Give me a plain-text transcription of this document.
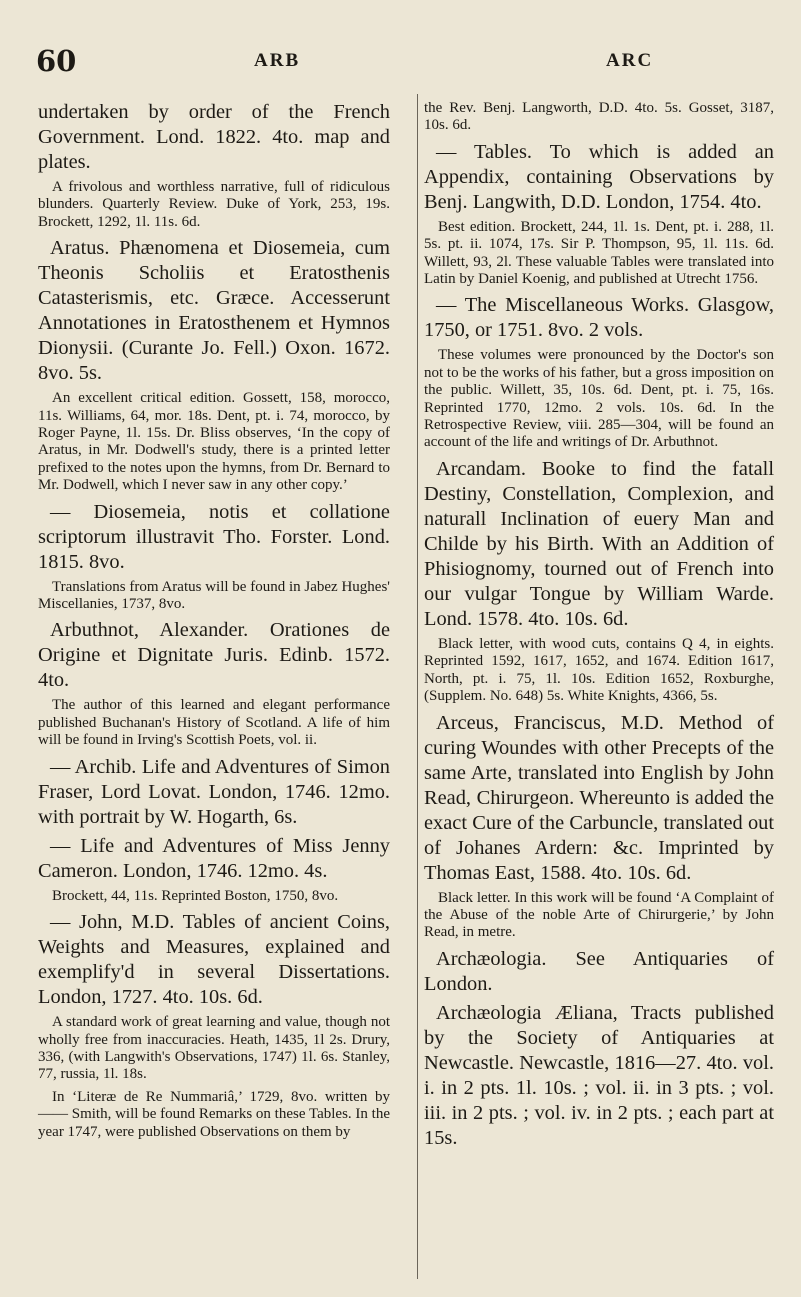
60	ARB	ARC

undertaken by order of the French Government. Lond. 1822. 4to. map and plates.

A frivolous and worthless narrative, full of ridiculous blunders. Quarterly Review. Duke of York, 253, 19s. Brockett, 1292, 1l. 11s. 6d.

Aratus. Phænomena et Diosemeia, cum Theonis Scholiis et Eratosthenis Catasterismis, etc. Græce. Accesserunt Annotationes in Eratosthenem et Hymnos Dionysii. (Curante Jo. Fell.) Oxon. 1672. 8vo. 5s.

An excellent critical edition. Gossett, 158, morocco, 11s. Williams, 64, mor. 18s. Dent, pt. i. 74, morocco, by Roger Payne, 1l. 15s. Dr. Bliss observes, ‘In the copy of Aratus, in Mr. Dodwell's study, there is a printed letter prefixed to the notes upon the hymns, from Dr. Bernard to Mr. Dodwell, which I never saw in any other copy.’

— Diosemeia, notis et collatione scriptorum illustravit Tho. Forster. Lond. 1815. 8vo.

Translations from Aratus will be found in Jabez Hughes' Miscellanies, 1737, 8vo.

Arbuthnot, Alexander. Orationes de Origine et Dignitate Juris. Edinb. 1572. 4to.

The author of this learned and elegant performance published Buchanan's History of Scotland. A life of him will be found in Irving's Scottish Poets, vol. ii.

— Archib. Life and Adventures of Simon Fraser, Lord Lovat. London, 1746. 12mo. with portrait by W. Hogarth, 6s.

— Life and Adventures of Miss Jenny Cameron. London, 1746. 12mo. 4s.

Brockett, 44, 11s. Reprinted Boston, 1750, 8vo.

— John, M.D. Tables of ancient Coins, Weights and Measures, explained and exemplify'd in several Dissertations. London, 1727. 4to. 10s. 6d.

A standard work of great learning and value, though not wholly free from inaccuracies. Heath, 1435, 1l 2s. Drury, 336, (with Langwith's Observations, 1747) 1l. 6s. Stanley, 77, russia, 1l. 18s.

In ‘Literæ de Re Nummariâ,’ 1729, 8vo. written by —— Smith, will be found Remarks on these Tables. In the year 1747, were published Observations on them by

the Rev. Benj. Langworth, D.D. 4to. 5s. Gosset, 3187, 10s. 6d.

— Tables. To which is added an Appendix, containing Observations by Benj. Langwith, D.D. London, 1754. 4to.

Best edition. Brockett, 244, 1l. 1s. Dent, pt. i. 288, 1l. 5s. pt. ii. 1074, 17s. Sir P. Thompson, 95, 1l. 11s. 6d. Willett, 93, 2l. These valuable Tables were translated into Latin by Daniel Koenig, and published at Utrecht 1756.

— The Miscellaneous Works. Glasgow, 1750, or 1751. 8vo. 2 vols.

These volumes were pronounced by the Doctor's son not to be the works of his father, but a gross imposition on the public. Willett, 35, 10s. 6d. Dent, pt. i. 75, 16s. Reprinted 1770, 12mo. 2 vols. 10s. 6d. In the Retrospective Review, viii. 285—304, will be found an account of the life and writings of Dr. Arbuthnot.

Arcandam. Booke to find the fatall Destiny, Constellation, Complexion, and naturall Inclination of euery Man and Childe by his Birth. With an Addition of Phisiognomy, tourned out of French into our vulgar Tongue by William Warde. Lond. 1578. 4to. 10s. 6d.

Black letter, with wood cuts, contains Q 4, in eights. Reprinted 1592, 1617, 1652, and 1674. Edition 1617, North, pt. i. 75, 1l. 10s. Edition 1652, Roxburghe, (Supplem. No. 648) 5s. White Knights, 4366, 5s.

Arceus, Franciscus, M.D. Method of curing Woundes with other Precepts of the same Arte, translated into English by John Read, Chirurgeon. Whereunto is added the exact Cure of the Carbuncle, translated out of Johanes Ardern: &c. Imprinted by Thomas East, 1588. 4to. 10s. 6d.

Black letter. In this work will be found ‘A Complaint of the Abuse of the noble Arte of Chirurgerie,’ by John Read, in metre.

Archæologia. See Antiquaries of London.

Archæologia Æliana, Tracts published by the Society of Antiquaries at Newcastle. Newcastle, 1816—27. 4to. vol. i. in 2 pts. 1l. 10s. ; vol. ii. in 3 pts. ; vol. iii. in 2 pts. ; vol. iv. in 2 pts. ; each part at 15s.
